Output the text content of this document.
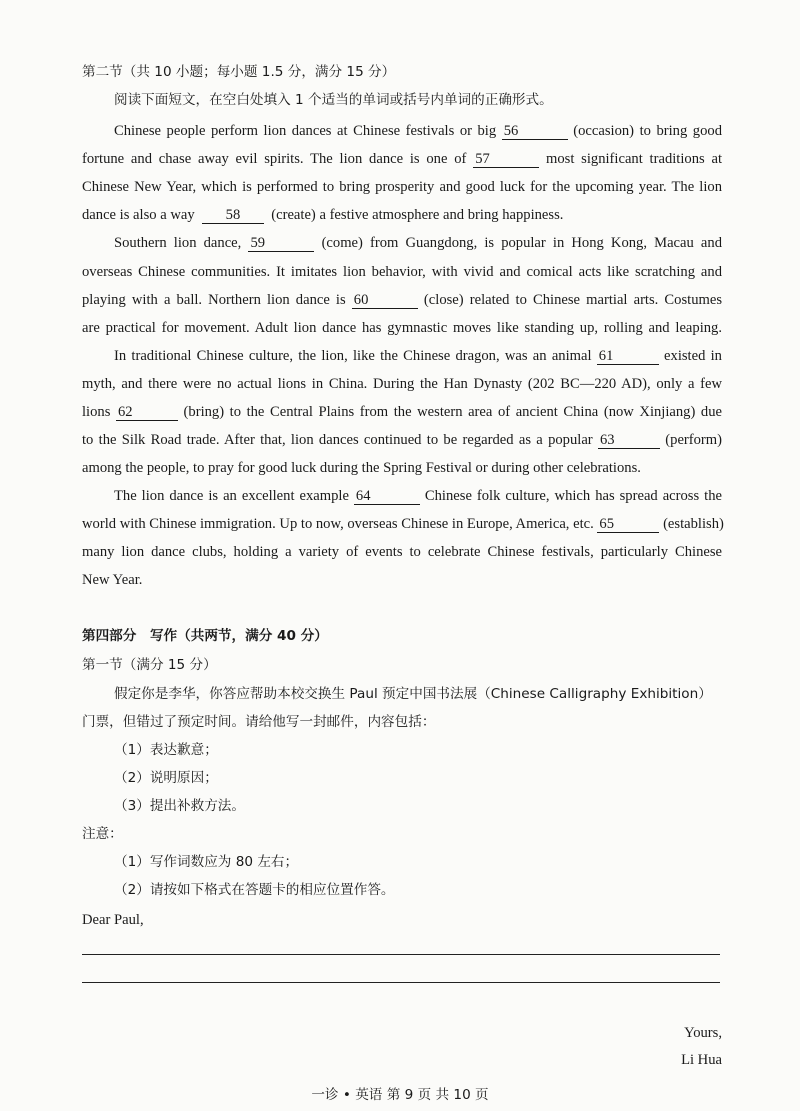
第二节（共 10 小题；每小题 1.5 分，满分 15 分）
阅读下面短文，在空白处填入 1 个适当的单词或括号内单词的正确形式。
Chinese people perform lion dances at Chinese festivals or big 56	(occasion) to bring good
fortune and chase away evil spirits. The lion dance is one of 57	most significant traditions at
Chinese New Year, which is performed to bring prosperity and good luck for the upcoming year. The lion
dance is also a way 58 (create) a festive atmosphere and bring happiness.
Southern lion dance, 59	(come) from Guangdong, is popular in Hong Kong, Macau and
overseas Chinese communities. It imitates lion behavior, with vivid and comical acts like scratching and
playing with a ball. Northern lion dance is 60	(close) related to Chinese martial arts. Costumes
are practical for movement. Adult lion dance has gymnastic moves like standing up, rolling and leaping.
In traditional Chinese culture, the lion, like the Chinese dragon, was an animal 61	existed in
myth, and there were no actual lions in China. During the Han Dynasty (202 BC—220 AD), only a few
lions 62	(bring) to the Central Plains from the western area of ancient China (now Xinjiang) due
to the Silk Road trade. After that, lion dances continued to be regarded as a popular 63	(perform)
among the people, to pray for good luck during the Spring Festival or during other celebrations.
The lion dance is an excellent example 64	Chinese folk culture, which has spread across the
world with Chinese immigration. Up to now, overseas Chinese in Europe, America, etc. 65	(establish)
many lion dance clubs, holding a variety of events to celebrate Chinese festivals, particularly Chinese
New Year.
第四部分　写作（共两节，满分 40 分）
第一节（满分 15 分）
假定你是李华，你答应帮助本校交换生 Paul 预定中国书法展（Chinese Calligraphy Exhibition）
门票，但错过了预定时间。请给他写一封邮件，内容包括：
（1）表达歉意；
（2）说明原因；
（3）提出补救方法。
注意：
（1）写作词数应为 80 左右；
（2）请按如下格式在答题卡的相应位置作答。
Dear Paul,
Yours,
Li Hua
一诊 • 英语 第 9 页 共 10 页
